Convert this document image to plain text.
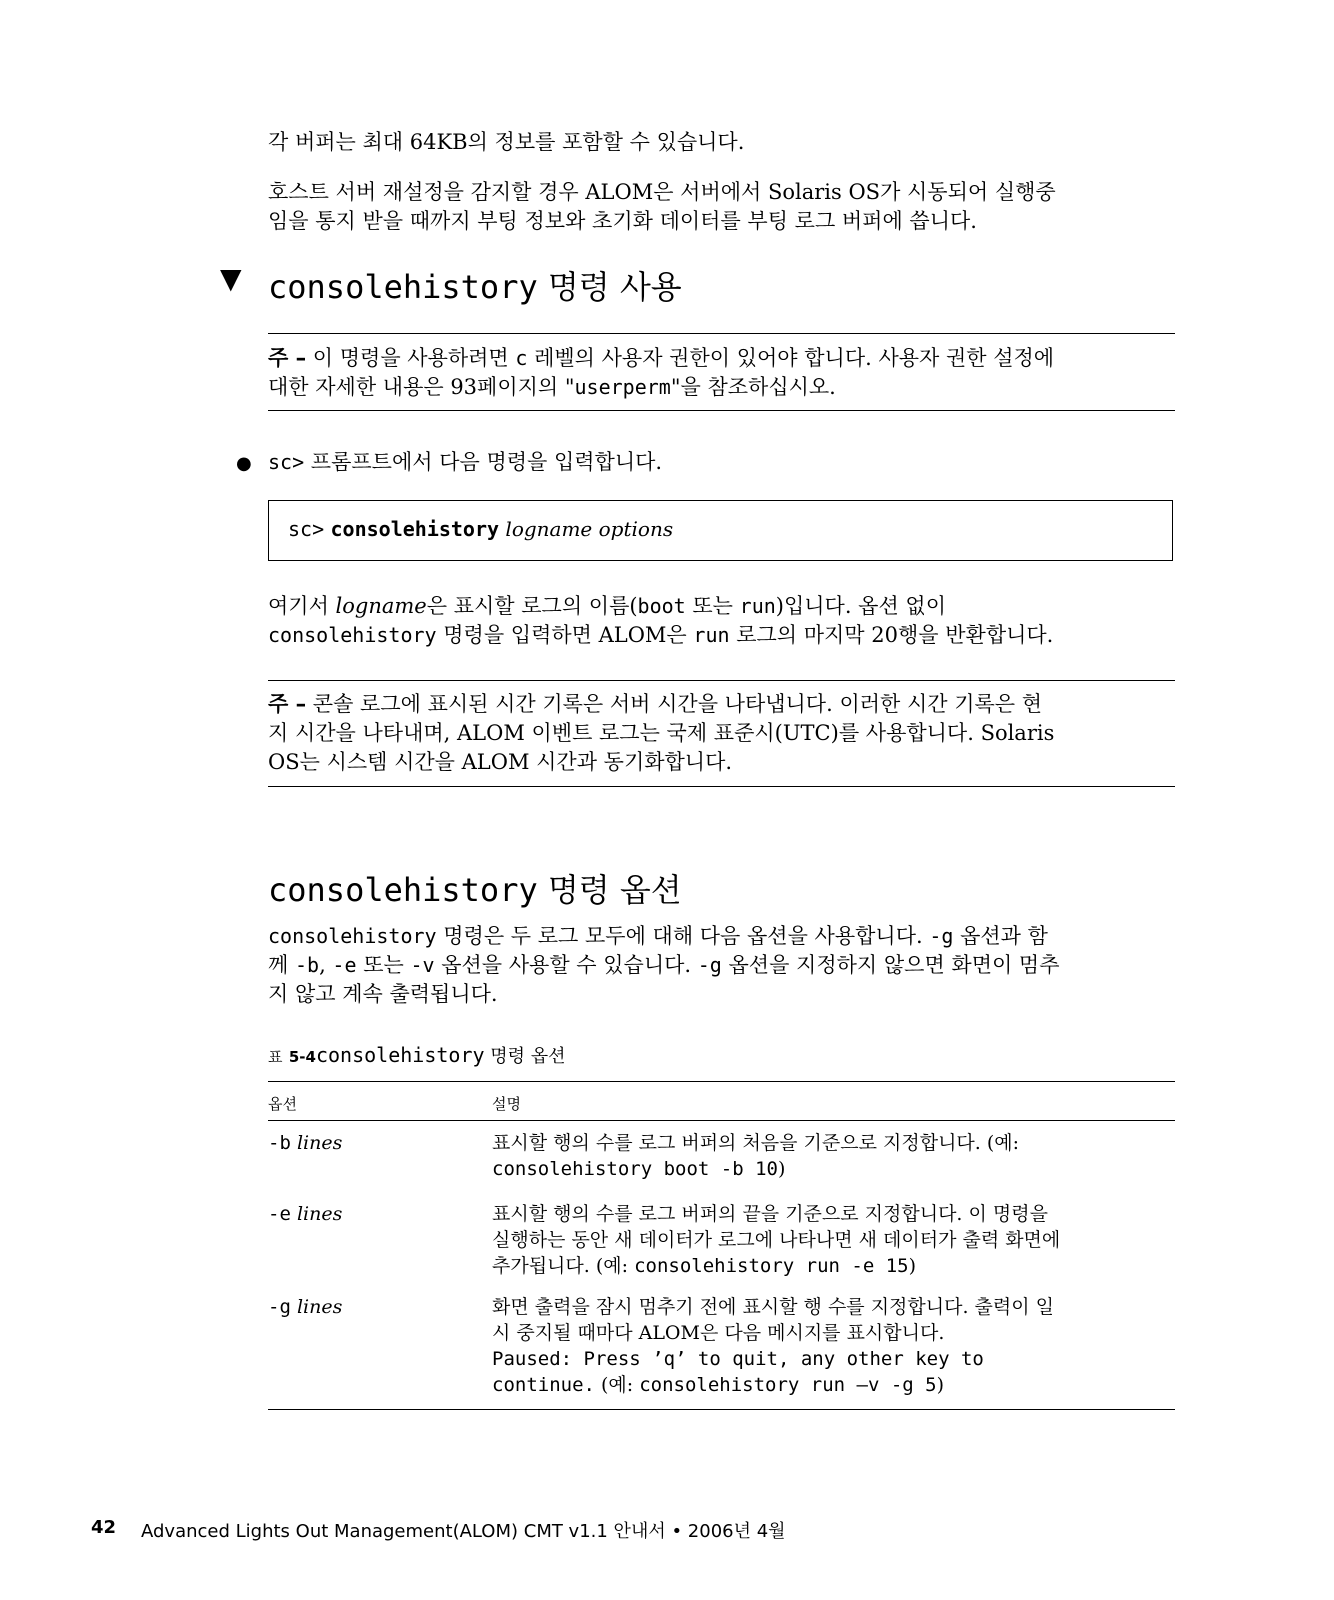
각 버퍼는 최대 64KB의 정보를 포함할 수 있습니다.

호스트 서버 재설정을 감지할 경우 ALOM은 서버에서 Solaris OS가 시동되어 실행중

임을 통지 받을 때까지 부팅 정보와 초기화 데이터를 부팅 로그 버퍼에 씁니다.

▼ consolehistory 명령 사용

주 – 이 명령을 사용하려면 c 레벨의 사용자 권한이 있어야 합니다. 사용자 권한 설정에

대한 자세한 내용은 93페이지의 "userperm"을 참조하십시오.

● sc> 프롬프트에서 다음 명령을 입력합니다.

sc> consolehistory logname options

여기서 logname은 표시할 로그의 이름(boot 또는 run)입니다. 옵션 없이

consolehistory 명령을 입력하면 ALOM은 run 로그의 마지막 20행을 반환합니다.

주 – 콘솔 로그에 표시된 시간 기록은 서버 시간을 나타냅니다. 이러한 시간 기록은 현

지 시간을 나타내며, ALOM 이벤트 로그는 국제 표준시(UTC)를 사용합니다. Solaris

OS는 시스템 시간을 ALOM 시간과 동기화합니다.

consolehistory 명령 옵션

consolehistory 명령은 두 로그 모두에 대해 다음 옵션을 사용합니다. -g 옵션과 함

께 -b, -e 또는 -v 옵션을 사용할 수 있습니다. -g 옵션을 지정하지 않으면 화면이 멈추

지 않고 계속 출력됩니다.

표 5-4consolehistory 명령 옵션
옵션	설명
-b lines	표시할 행의 수를 로그 버퍼의 처음을 기준으로 지정합니다. (예:
consolehistory boot -b 10)
-e lines	표시할 행의 수를 로그 버퍼의 끝을 기준으로 지정합니다. 이 명령을
실행하는 동안 새 데이터가 로그에 나타나면 새 데이터가 출력 화면에
추가됩니다. (예: consolehistory run -e 15)
-g lines	화면 출력을 잠시 멈추기 전에 표시할 행 수를 지정합니다. 출력이 일
시 중지될 때마다 ALOM은 다음 메시지를 표시합니다.
Paused: Press ’q’ to quit, any other key to
continue. (예: consolehistory run –v -g 5)
42 Advanced Lights Out Management(ALOM) CMT v1.1 안내서 • 2006년 4월
